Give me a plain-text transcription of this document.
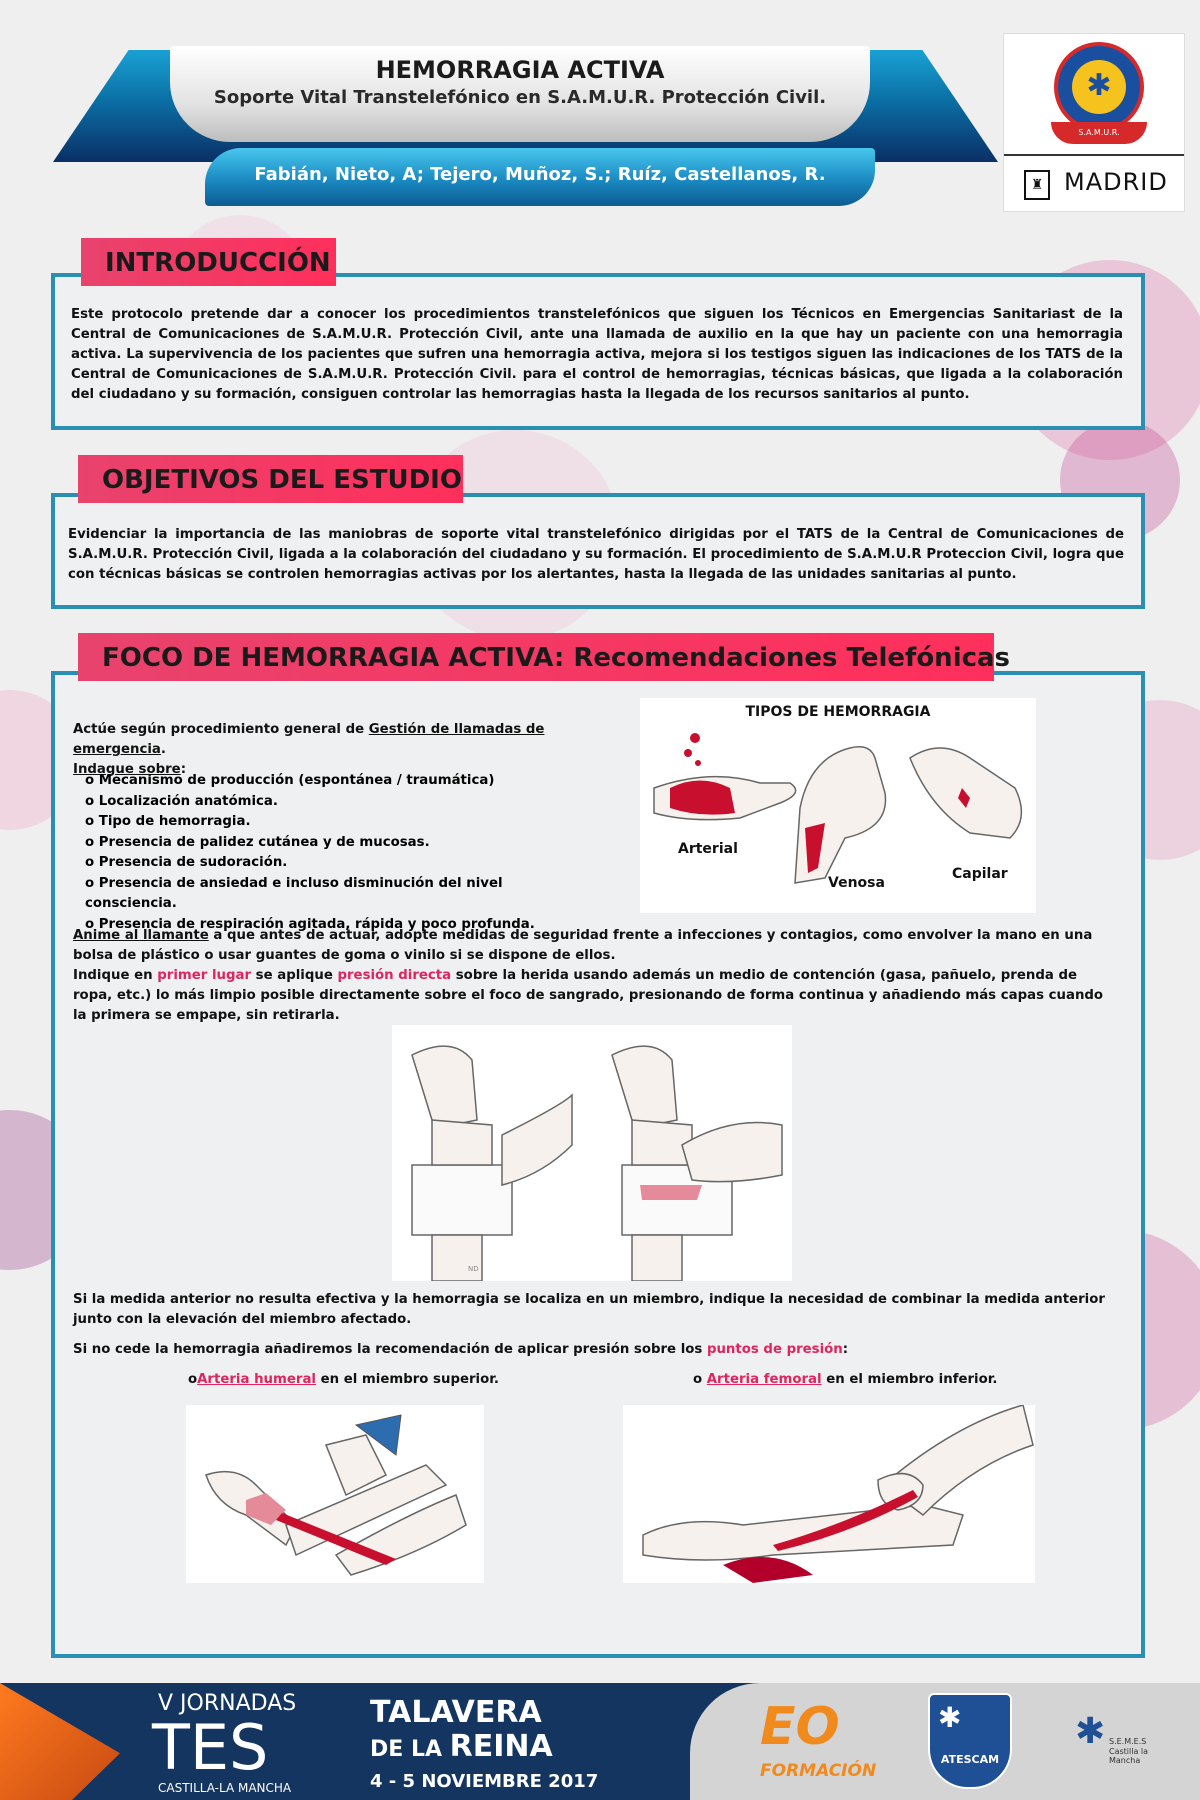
HEMORRAGIA ACTIVA
Soporte Vital Transtelefónico en S.A.M.U.R. Protección Civil.
Fabián, Nieto, A; Tejero, Muñoz, S.; Ruíz, Castellanos, R.
✱
S.A.M.U.R.
♜ MADRID
INTRODUCCIÓN
Este protocolo pretende dar a conocer los procedimientos transtelefónicos que siguen los Técnicos en Emergencias Sanitariast de la Central de Comunicaciones de S.A.M.U.R. Protección Civil, ante una llamada de auxilio en la que hay un paciente con una hemorragia activa. La supervivencia de los pacientes que sufren una hemorragia activa, mejora si los testigos siguen las indicaciones de los TATS de la Central de Comunicaciones de S.A.M.U.R. Protección Civil. para el control de hemorragias, técnicas básicas, que ligada a la colaboración del ciudadano y su formación, consiguen controlar las hemorragias hasta la llegada de los recursos sanitarios al punto.
OBJETIVOS DEL ESTUDIO
Evidenciar la importancia de las maniobras de soporte vital transtelefónico dirigidas por el TATS de la Central de Comunicaciones de S.A.M.U.R. Protección Civil, ligada a la colaboración del ciudadano y su formación. El procedimiento de S.A.M.U.R Proteccion Civil, logra que con técnicas básicas se controlen hemorragias activas por los alertantes, hasta la llegada de las unidades sanitarias al punto.
FOCO DE HEMORRAGIA ACTIVA: Recomendaciones Telefónicas
Actúe según procedimiento general de Gestión de llamadas de emergencia.
Indague sobre:
o Mecanismo de producción (espontánea / traumática)
o Localización anatómica.
o Tipo de hemorragia.
o Presencia de palidez cutánea y de mucosas.
o Presencia de sudoración.
o Presencia de ansiedad e incluso disminución del nivel consciencia.
o Presencia de respiración agitada, rápida y poco profunda.
TIPOS DE HEMORRAGIA
Arterial
Venosa
Capilar
Anime al llamante a que antes de actuar, adopte medidas de seguridad frente a infecciones y contagios, como envolver la mano en una bolsa de plástico o usar guantes de goma o vinilo si se dispone de ellos.
Indique en primer lugar se aplique presión directa sobre la herida usando además un medio de contención (gasa, pañuelo, prenda de ropa, etc.) lo más limpio posible directamente sobre el foco de sangrado, presionando de forma continua y añadiendo más capas cuando la primera se empape, sin retirarla.
ND
Si la medida anterior no resulta efectiva y la hemorragia se localiza en un miembro, indique la necesidad de combinar la medida anterior junto con la elevación del miembro afectado.
Si no cede la hemorragia añadiremos la recomendación de aplicar presión sobre los puntos de presión:
oArteria humeral en el miembro superior.	o Arteria femoral en el miembro inferior.
V JORNADAS
TES
CASTILLA-LA MANCHA
TALAVERA
DE LA REINA
4 - 5 NOVIEMBRE 2017
EO
FORMACIÓN
✱
ATESCAM
✱ S.E.M.E.S
Castilla la Mancha
